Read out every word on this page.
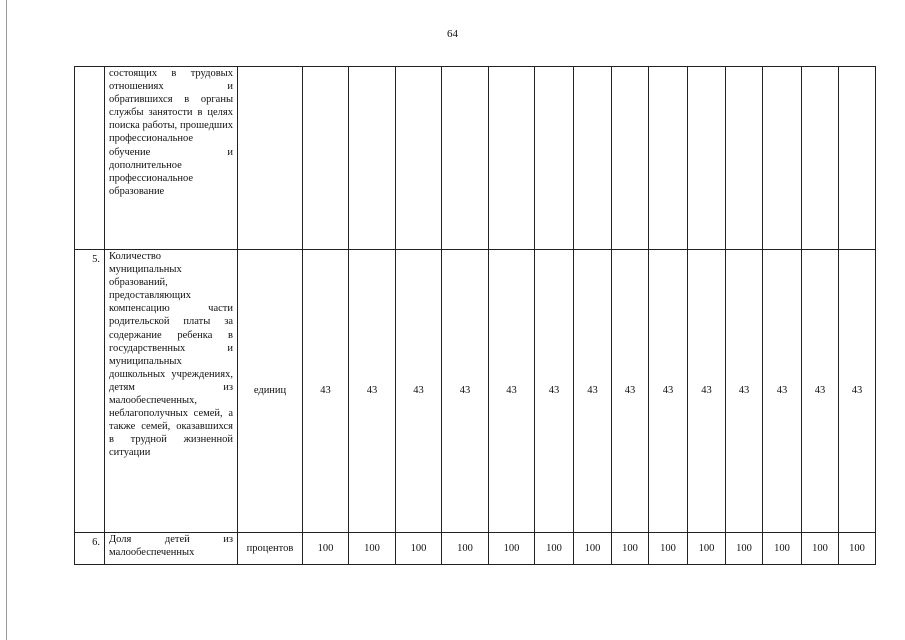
64
	состоящих в трудовых отношениях и обратившихся в органы службы занятости в целях поиска работы, прошедших профессиональное обучение и дополнительное профессиональное образование															
5.	Количество муниципальных образований, предоставляющих компенсацию части родительской платы за содержание ребенка в государственных и муниципальных дошкольных учреждениях, детям из малообеспеченных, неблагополучных семей, а также семей, оказавшихся в трудной жизненной ситуации	единиц	43	43	43	43	43	43	43	43	43	43	43	43	43	43
6.	Доля детей из малообеспеченных	процентов	100	100	100	100	100	100	100	100	100	100	100	100	100	100
